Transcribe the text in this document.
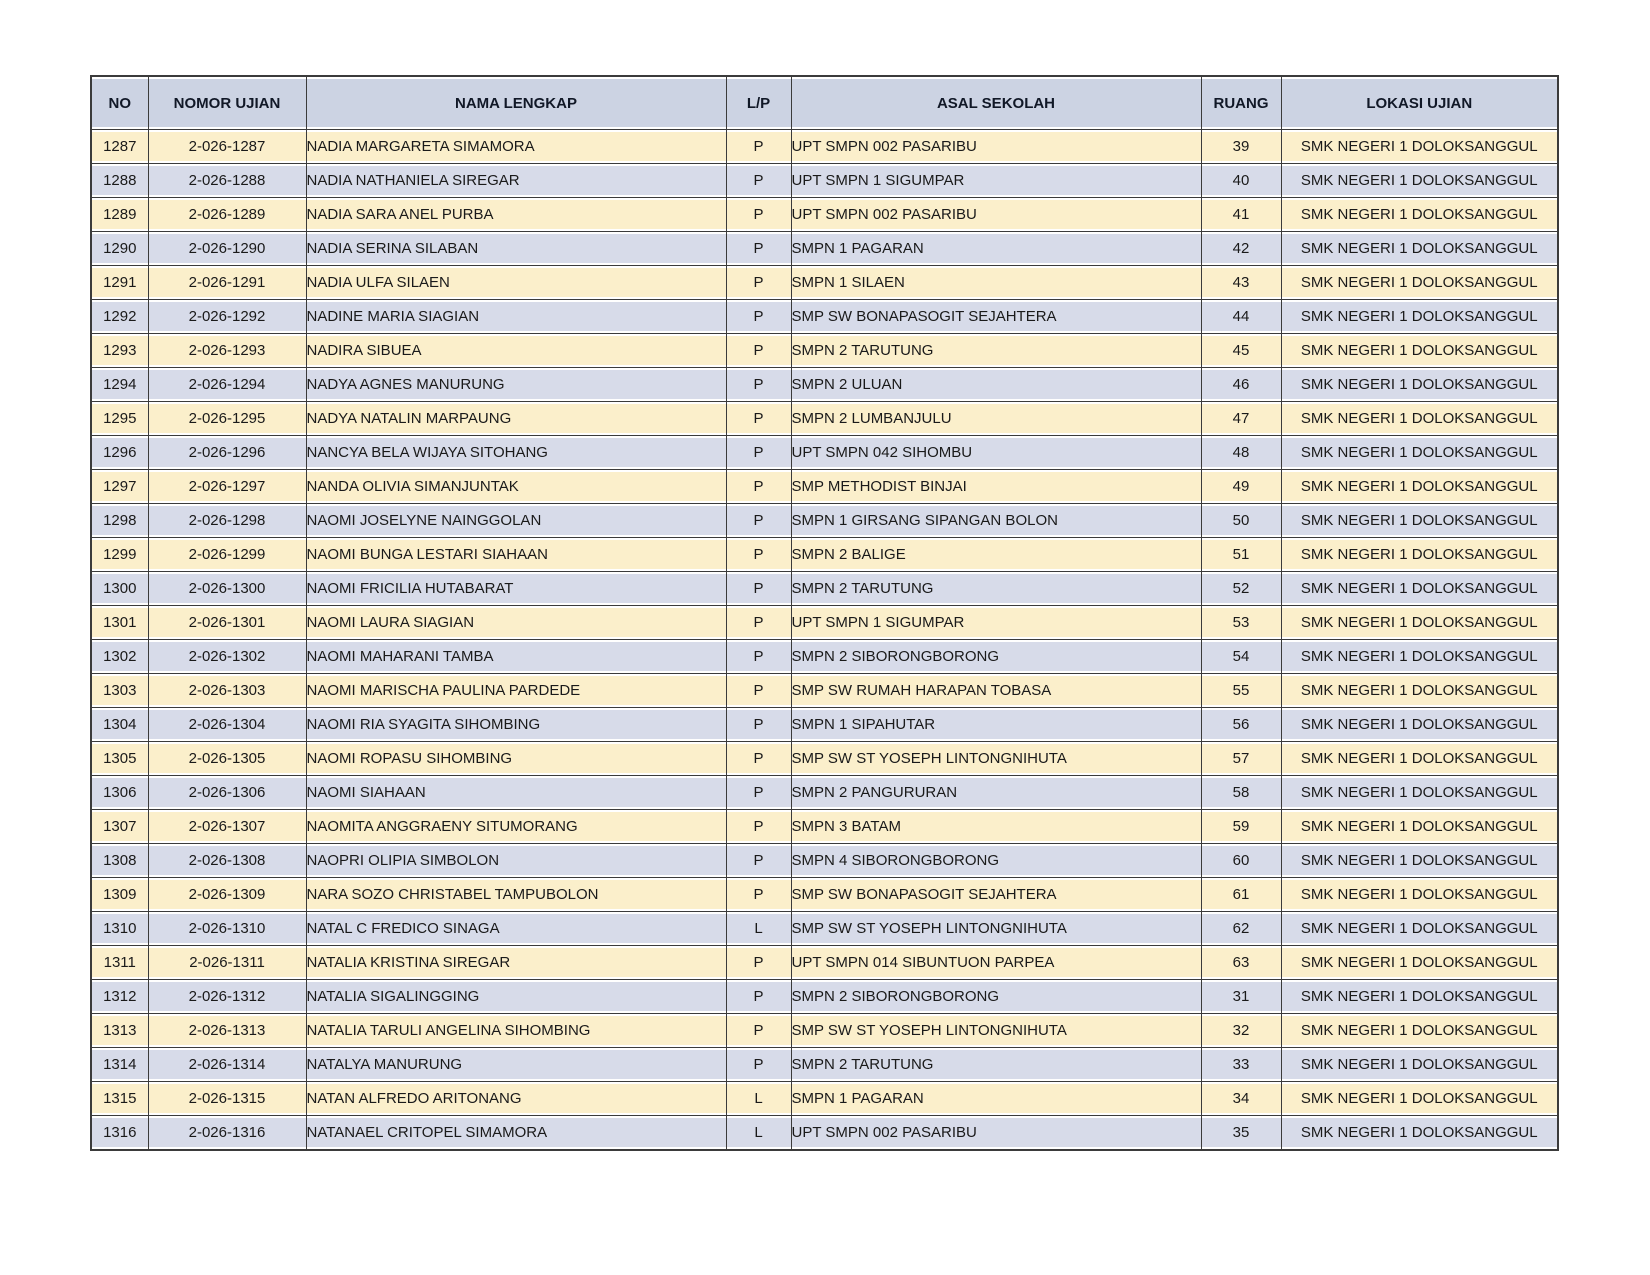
NO	NOMOR UJIAN	NAMA LENGKAP	L/P	ASAL SEKOLAH	RUANG	LOKASI UJIAN
1287	2-026-1287	NADIA MARGARETA SIMAMORA	P	UPT SMPN 002 PASARIBU	39	SMK NEGERI 1 DOLOKSANGGUL
1288	2-026-1288	NADIA NATHANIELA SIREGAR	P	UPT SMPN 1 SIGUMPAR	40	SMK NEGERI 1 DOLOKSANGGUL
1289	2-026-1289	NADIA SARA ANEL PURBA	P	UPT SMPN 002 PASARIBU	41	SMK NEGERI 1 DOLOKSANGGUL
1290	2-026-1290	NADIA SERINA SILABAN	P	SMPN 1 PAGARAN	42	SMK NEGERI 1 DOLOKSANGGUL
1291	2-026-1291	NADIA ULFA SILAEN	P	SMPN 1 SILAEN	43	SMK NEGERI 1 DOLOKSANGGUL
1292	2-026-1292	NADINE MARIA SIAGIAN	P	SMP SW BONAPASOGIT SEJAHTERA	44	SMK NEGERI 1 DOLOKSANGGUL
1293	2-026-1293	NADIRA SIBUEA	P	SMPN 2 TARUTUNG	45	SMK NEGERI 1 DOLOKSANGGUL
1294	2-026-1294	NADYA AGNES MANURUNG	P	SMPN 2 ULUAN	46	SMK NEGERI 1 DOLOKSANGGUL
1295	2-026-1295	NADYA NATALIN MARPAUNG	P	SMPN 2 LUMBANJULU	47	SMK NEGERI 1 DOLOKSANGGUL
1296	2-026-1296	NANCYA BELA WIJAYA SITOHANG	P	UPT SMPN 042 SIHOMBU	48	SMK NEGERI 1 DOLOKSANGGUL
1297	2-026-1297	NANDA OLIVIA SIMANJUNTAK	P	SMP METHODIST BINJAI	49	SMK NEGERI 1 DOLOKSANGGUL
1298	2-026-1298	NAOMI JOSELYNE NAINGGOLAN	P	SMPN 1 GIRSANG SIPANGAN BOLON	50	SMK NEGERI 1 DOLOKSANGGUL
1299	2-026-1299	NAOMI BUNGA LESTARI SIAHAAN	P	SMPN 2 BALIGE	51	SMK NEGERI 1 DOLOKSANGGUL
1300	2-026-1300	NAOMI FRICILIA HUTABARAT	P	SMPN 2 TARUTUNG	52	SMK NEGERI 1 DOLOKSANGGUL
1301	2-026-1301	NAOMI LAURA SIAGIAN	P	UPT SMPN 1 SIGUMPAR	53	SMK NEGERI 1 DOLOKSANGGUL
1302	2-026-1302	NAOMI MAHARANI TAMBA	P	SMPN 2 SIBORONGBORONG	54	SMK NEGERI 1 DOLOKSANGGUL
1303	2-026-1303	NAOMI MARISCHA PAULINA PARDEDE	P	SMP SW RUMAH HARAPAN TOBASA	55	SMK NEGERI 1 DOLOKSANGGUL
1304	2-026-1304	NAOMI RIA SYAGITA SIHOMBING	P	SMPN 1 SIPAHUTAR	56	SMK NEGERI 1 DOLOKSANGGUL
1305	2-026-1305	NAOMI ROPASU SIHOMBING	P	SMP SW ST YOSEPH LINTONGNIHUTA	57	SMK NEGERI 1 DOLOKSANGGUL
1306	2-026-1306	NAOMI SIAHAAN	P	SMPN 2 PANGURURAN	58	SMK NEGERI 1 DOLOKSANGGUL
1307	2-026-1307	NAOMITA ANGGRAENY SITUMORANG	P	SMPN 3 BATAM	59	SMK NEGERI 1 DOLOKSANGGUL
1308	2-026-1308	NAOPRI OLIPIA SIMBOLON	P	SMPN 4 SIBORONGBORONG	60	SMK NEGERI 1 DOLOKSANGGUL
1309	2-026-1309	NARA SOZO CHRISTABEL TAMPUBOLON	P	SMP SW BONAPASOGIT SEJAHTERA	61	SMK NEGERI 1 DOLOKSANGGUL
1310	2-026-1310	NATAL C FREDICO SINAGA	L	SMP SW ST YOSEPH LINTONGNIHUTA	62	SMK NEGERI 1 DOLOKSANGGUL
1311	2-026-1311	NATALIA KRISTINA SIREGAR	P	UPT SMPN 014 SIBUNTUON PARPEA	63	SMK NEGERI 1 DOLOKSANGGUL
1312	2-026-1312	NATALIA SIGALINGGING	P	SMPN 2 SIBORONGBORONG	31	SMK NEGERI 1 DOLOKSANGGUL
1313	2-026-1313	NATALIA TARULI ANGELINA SIHOMBING	P	SMP SW ST YOSEPH LINTONGNIHUTA	32	SMK NEGERI 1 DOLOKSANGGUL
1314	2-026-1314	NATALYA MANURUNG	P	SMPN 2 TARUTUNG	33	SMK NEGERI 1 DOLOKSANGGUL
1315	2-026-1315	NATAN ALFREDO ARITONANG	L	SMPN 1 PAGARAN	34	SMK NEGERI 1 DOLOKSANGGUL
1316	2-026-1316	NATANAEL CRITOPEL SIMAMORA	L	UPT SMPN 002 PASARIBU	35	SMK NEGERI 1 DOLOKSANGGUL
